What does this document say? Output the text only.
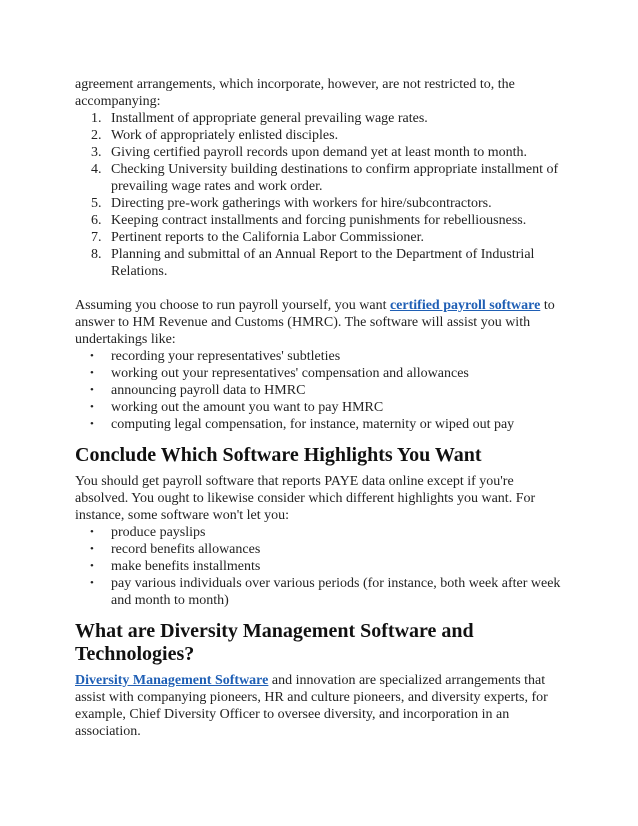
agreement arrangements, which incorporate, however, are not restricted to, the accompanying:

1. Installment of appropriate general prevailing wage rates.
2. Work of appropriately enlisted disciples.
3. Giving certified payroll records upon demand yet at least month to month.
4. Checking University building destinations to confirm appropriate installment of prevailing wage rates and work order.
5. Directing pre-work gatherings with workers for hire/subcontractors.
6. Keeping contract installments and forcing punishments for rebelliousness.
7. Pertinent reports to the California Labor Commissioner.
8. Planning and submittal of an Annual Report to the Department of Industrial Relations.

Assuming you choose to run payroll yourself, you want certified payroll software to answer to HM Revenue and Customs (HMRC). The software will assist you with undertakings like:

•	recording your representatives' subtleties
•	working out your representatives' compensation and allowances
•	announcing payroll data to HMRC
•	working out the amount you want to pay HMRC
•	computing legal compensation, for instance, maternity or wiped out pay
Conclude Which Software Highlights You Want

You should get payroll software that reports PAYE data online except if you're absolved. You ought to likewise consider which different highlights you want. For instance, some software won't let you:

•	produce payslips
•	record benefits allowances
•	make benefits installments
•	pay various individuals over various periods (for instance, both week after week and month to month)
What are Diversity Management Software and Technologies?

Diversity Management Software and innovation are specialized arrangements that assist with companying pioneers, HR and culture pioneers, and diversity experts, for example, Chief Diversity Officer to oversee diversity, and incorporation in an association.
